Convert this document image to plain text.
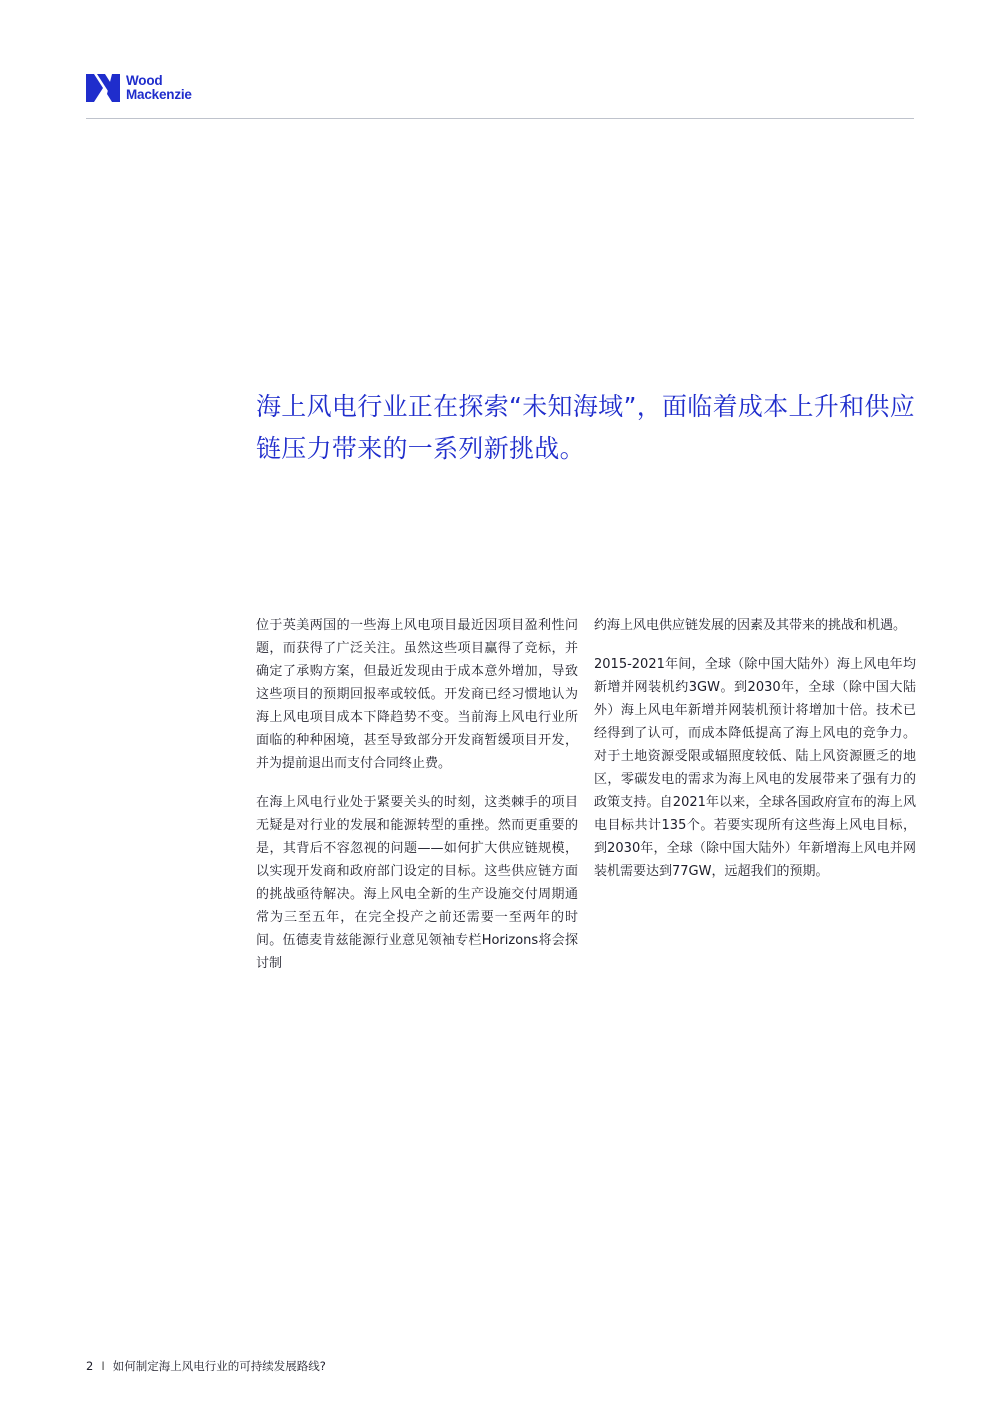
Wood
Mackenzie
海上风电行业正在探索“未知海域”，面临着成本上升和供应链压力带来的一系列新挑战。

位于英美两国的一些海上风电项目最近因项目盈利性问题，而获得了广泛关注。虽然这些项目赢得了竞标，并确定了承购方案，但最近发现由于成本意外增加，导致这些项目的预期回报率或较低。开发商已经习惯地认为海上风电项目成本下降趋势不变。当前海上风电行业所面临的种种困境，甚至导致部分开发商暂缓项目开发，并为提前退出而支付合同终止费。

在海上风电行业处于紧要关头的时刻，这类棘手的项目无疑是对行业的发展和能源转型的重挫。然而更重要的是，其背后不容忽视的问题——如何扩大供应链规模，以实现开发商和政府部门设定的目标。这些供应链方面的挑战亟待解决。海上风电全新的生产设施交付周期通常为三至五年，在完全投产之前还需要一至两年的时间。伍德麦肯兹能源行业意见领袖专栏Horizons将会探讨制

约海上风电供应链发展的因素及其带来的挑战和机遇。

2015-2021年间，全球（除中国大陆外）海上风电年均新增并网装机约3GW。到2030年，全球（除中国大陆外）海上风电年新增并网装机预计将增加十倍。技术已经得到了认可，而成本降低提高了海上风电的竞争力。对于土地资源受限或辐照度较低、陆上风资源匮乏的地区，零碳发电的需求为海上风电的发展带来了强有力的政策支持。自2021年以来，全球各国政府宣布的海上风电目标共计135个。若要实现所有这些海上风电目标，到2030年，全球（除中国大陆外）年新增海上风电并网装机需要达到77GW，远超我们的预期。

2 I 如何制定海上风电行业的可持续发展路线?
